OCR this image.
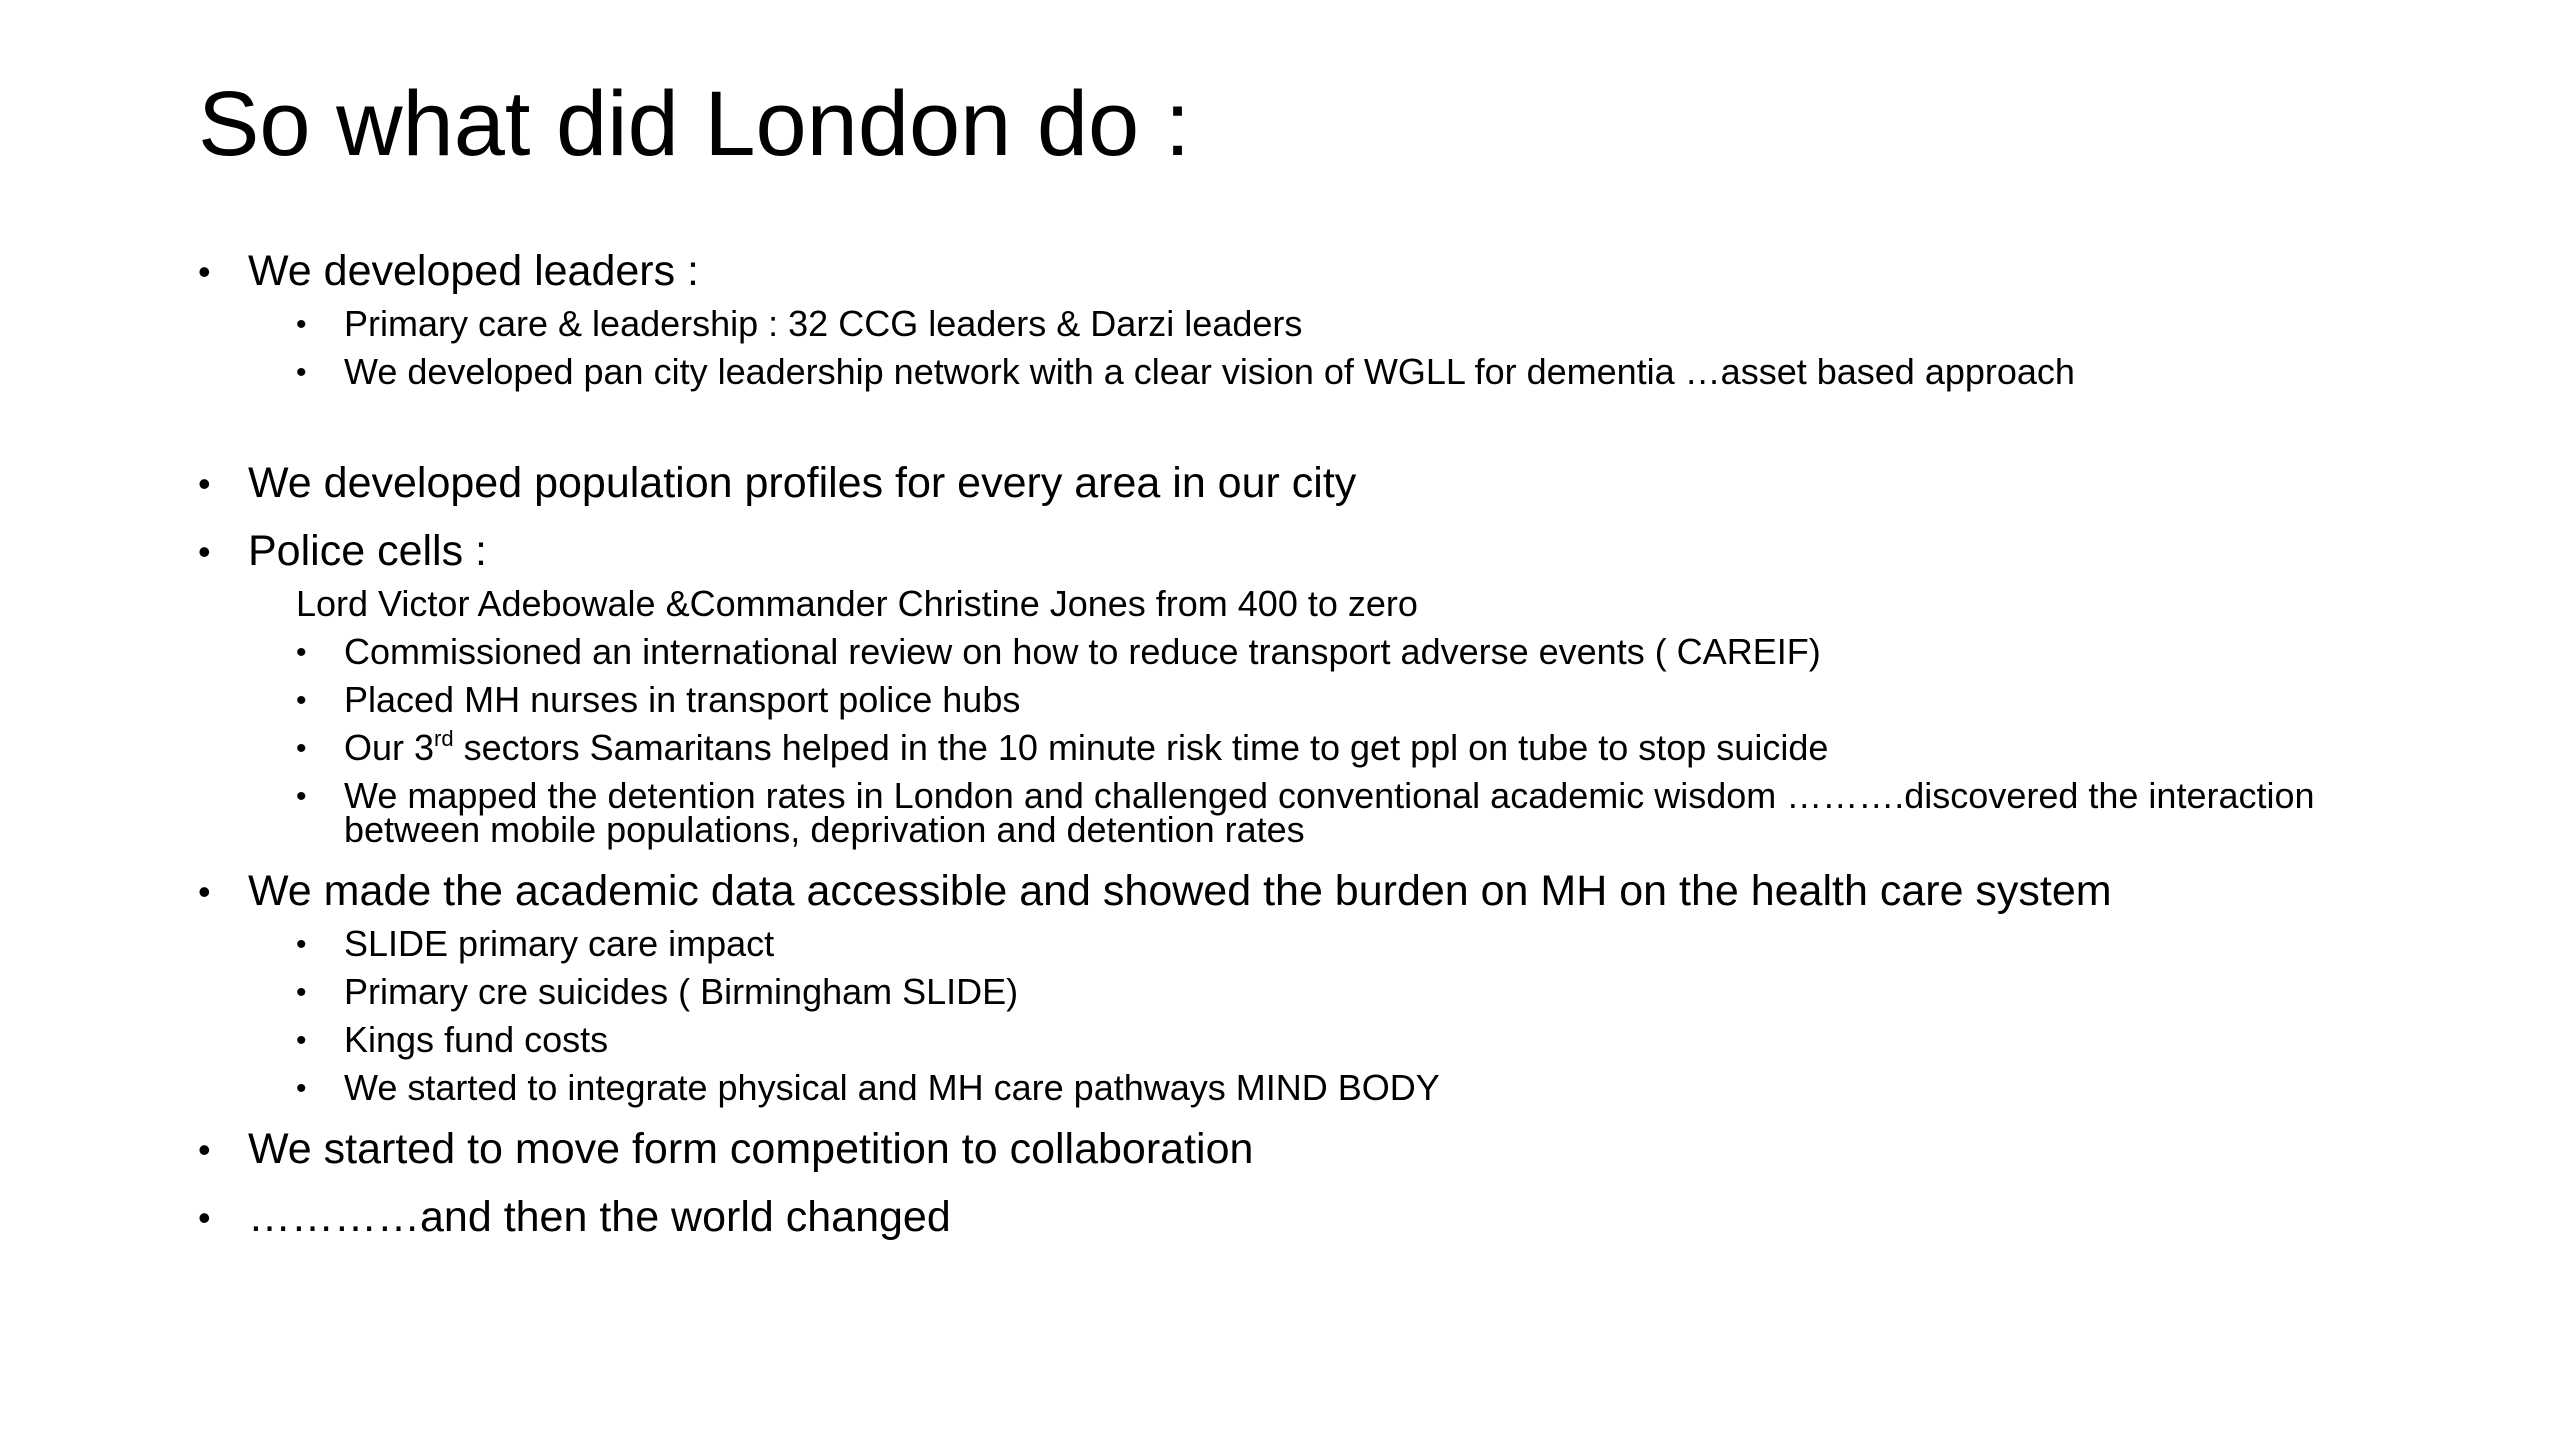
So what did London do :
• We developed leaders :
• Primary care & leadership : 32 CCG leaders & Darzi leaders
• We developed pan city leadership network with a clear vision of WGLL for dementia …asset based approach
• We developed population profiles for every area in our city
• Police cells :
Lord Victor Adebowale &Commander Christine Jones from 400 to zero
• Commissioned an international review on how to reduce transport adverse events ( CAREIF)
• Placed MH nurses in transport police hubs
• Our 3rd sectors Samaritans helped in the 10 minute risk time to get ppl on tube to stop suicide
• We mapped the detention rates in London and challenged conventional academic wisdom ……….discovered the interaction
between mobile populations, deprivation and detention rates
• We made the academic data accessible and showed the burden on MH on the health care system
• SLIDE primary care impact
• Primary cre suicides ( Birmingham SLIDE)
• Kings fund costs
• We started to integrate physical and MH care pathways MIND BODY
• We started to move form competition to collaboration
• …………and then the world changed
